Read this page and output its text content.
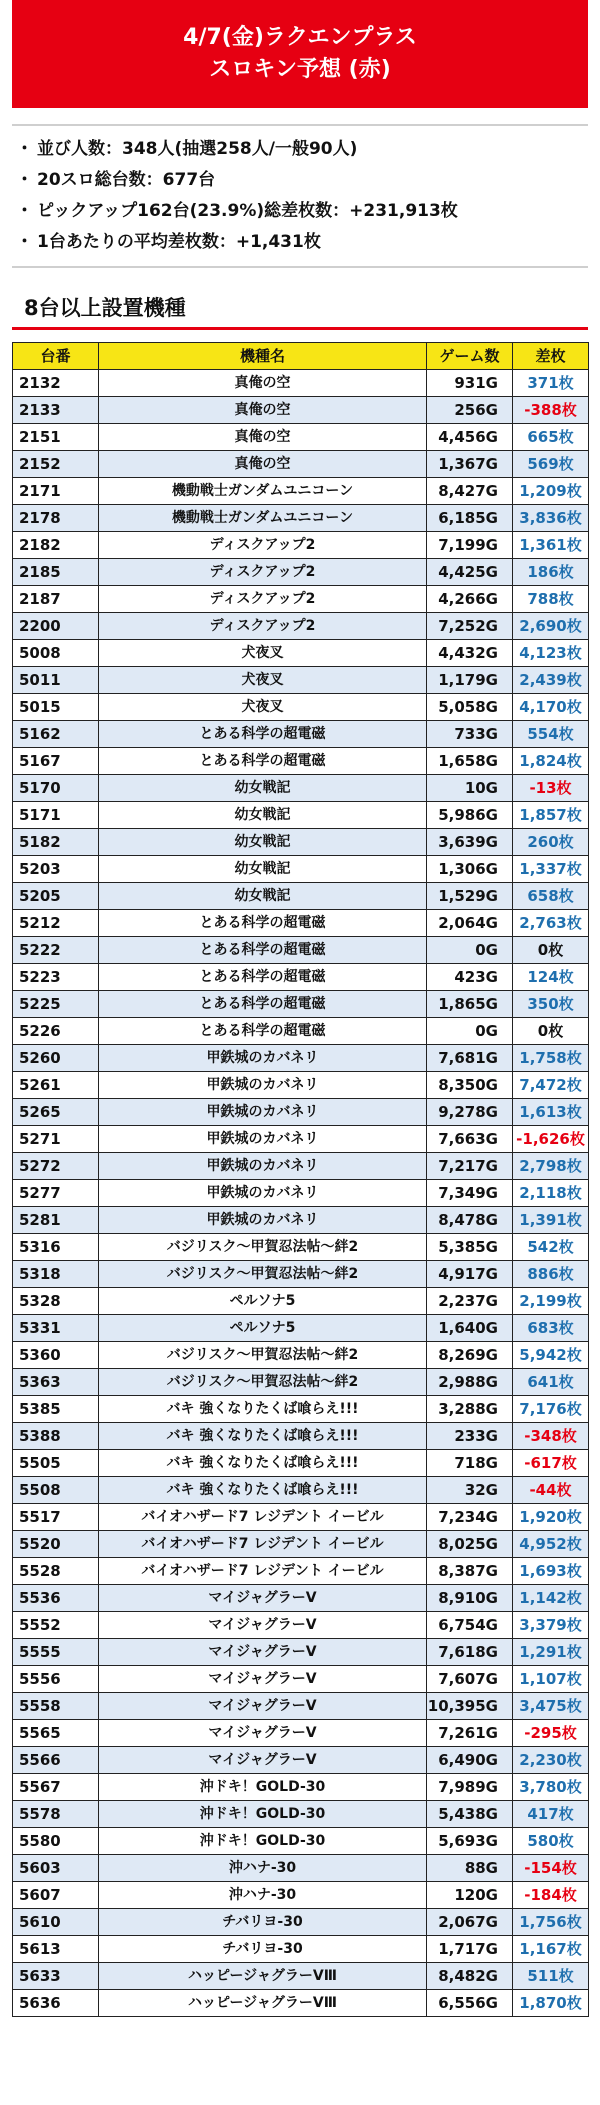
4/7(金)ラクエンプラス
スロキン予想 (赤)
・ 並び人数：348人(抽選258人/一般90人)
・ 20スロ総台数：677台
・ ピックアップ162台(23.9%)総差枚数：+231,913枚
・ 1台あたりの平均差枚数：+1,431枚
8台以上設置機種
台番	機種名	ゲーム数	差枚
2132	真俺の空	931G	371枚
2133	真俺の空	256G	-388枚
2151	真俺の空	4,456G	665枚
2152	真俺の空	1,367G	569枚
2171	機動戦士ガンダムユニコーン	8,427G	1,209枚
2178	機動戦士ガンダムユニコーン	6,185G	3,836枚
2182	ディスクアップ2	7,199G	1,361枚
2185	ディスクアップ2	4,425G	186枚
2187	ディスクアップ2	4,266G	788枚
2200	ディスクアップ2	7,252G	2,690枚
5008	犬夜叉	4,432G	4,123枚
5011	犬夜叉	1,179G	2,439枚
5015	犬夜叉	5,058G	4,170枚
5162	とある科学の超電磁	733G	554枚
5167	とある科学の超電磁	1,658G	1,824枚
5170	幼女戦記	10G	-13枚
5171	幼女戦記	5,986G	1,857枚
5182	幼女戦記	3,639G	260枚
5203	幼女戦記	1,306G	1,337枚
5205	幼女戦記	1,529G	658枚
5212	とある科学の超電磁	2,064G	2,763枚
5222	とある科学の超電磁	0G	0枚
5223	とある科学の超電磁	423G	124枚
5225	とある科学の超電磁	1,865G	350枚
5226	とある科学の超電磁	0G	0枚
5260	甲鉄城のカバネリ	7,681G	1,758枚
5261	甲鉄城のカバネリ	8,350G	7,472枚
5265	甲鉄城のカバネリ	9,278G	1,613枚
5271	甲鉄城のカバネリ	7,663G	-1,626枚
5272	甲鉄城のカバネリ	7,217G	2,798枚
5277	甲鉄城のカバネリ	7,349G	2,118枚
5281	甲鉄城のカバネリ	8,478G	1,391枚
5316	バジリスク～甲賀忍法帖～絆2	5,385G	542枚
5318	バジリスク～甲賀忍法帖～絆2	4,917G	886枚
5328	ペルソナ5	2,237G	2,199枚
5331	ペルソナ5	1,640G	683枚
5360	バジリスク～甲賀忍法帖～絆2	8,269G	5,942枚
5363	バジリスク～甲賀忍法帖～絆2	2,988G	641枚
5385	バキ 強くなりたくば喰らえ!!!	3,288G	7,176枚
5388	バキ 強くなりたくば喰らえ!!!	233G	-348枚
5505	バキ 強くなりたくば喰らえ!!!	718G	-617枚
5508	バキ 強くなりたくば喰らえ!!!	32G	-44枚
5517	バイオハザード7 レジデント イービル	7,234G	1,920枚
5520	バイオハザード7 レジデント イービル	8,025G	4,952枚
5528	バイオハザード7 レジデント イービル	8,387G	1,693枚
5536	マイジャグラーV	8,910G	1,142枚
5552	マイジャグラーV	6,754G	3,379枚
5555	マイジャグラーV	7,618G	1,291枚
5556	マイジャグラーV	7,607G	1,107枚
5558	マイジャグラーV	10,395G	3,475枚
5565	マイジャグラーV	7,261G	-295枚
5566	マイジャグラーV	6,490G	2,230枚
5567	沖ドキ！GOLD-30	7,989G	3,780枚
5578	沖ドキ！GOLD-30	5,438G	417枚
5580	沖ドキ！GOLD-30	5,693G	580枚
5603	沖ハナ-30	88G	-154枚
5607	沖ハナ-30	120G	-184枚
5610	チバリヨ-30	2,067G	1,756枚
5613	チバリヨ-30	1,717G	1,167枚
5633	ハッピージャグラーVⅢ	8,482G	511枚
5636	ハッピージャグラーVⅢ	6,556G	1,870枚
